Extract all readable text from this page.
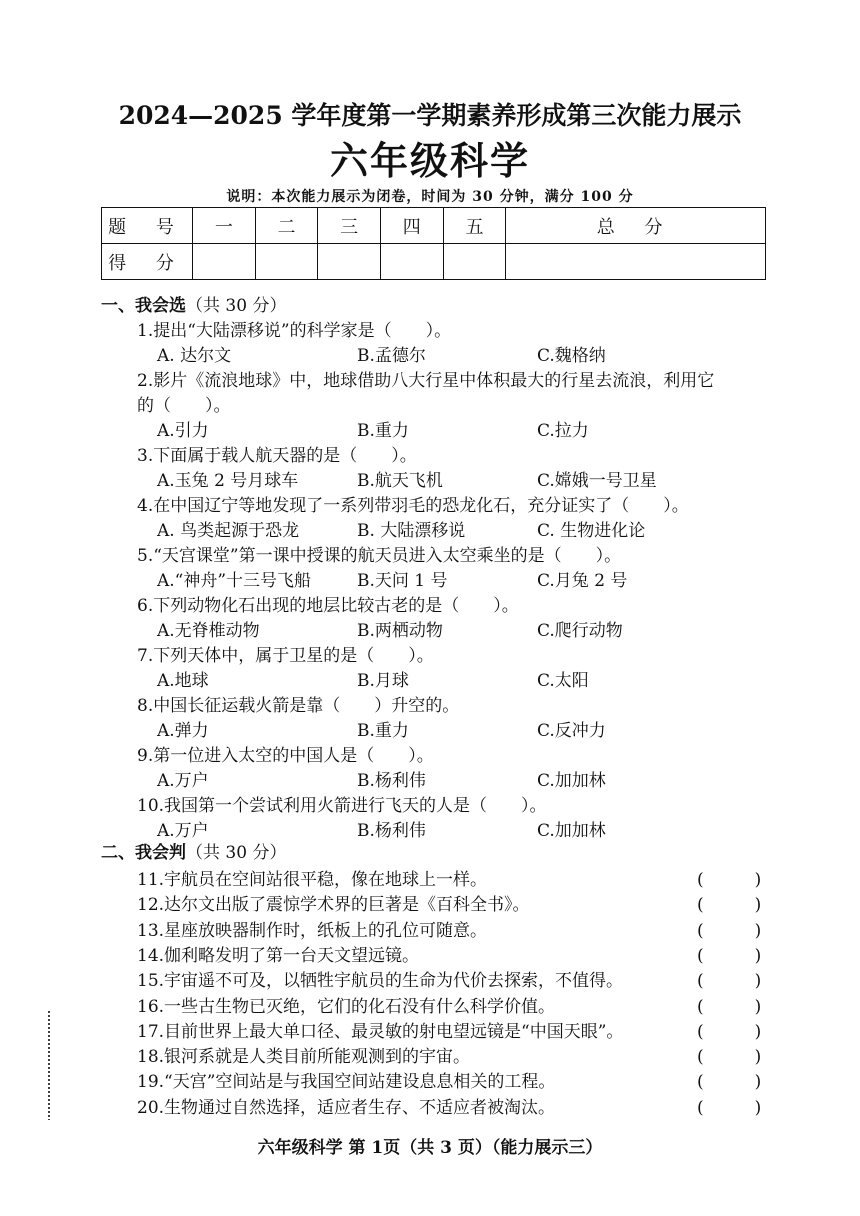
2024—2025 学年度第一学期素养形成第三次能力展示
六年级科学
说明：本次能力展示为闭卷，时间为 30 分钟，满分 100 分
题 号	一	二	三	四	五	总 分
得 分						
一、我会选（共 30 分）
1.提出“大陆漂移说”的科学家是（　　）。
A. 达尔文	B.孟德尔	C.魏格纳
2.影片《流浪地球》中，地球借助八大行星中体积最大的行星去流浪，利用它
的（　　）。
A.引力	B.重力	C.拉力
3.下面属于载人航天器的是（　　）。
A.玉兔 2 号月球车	B.航天飞机	C.嫦娥一号卫星
4.在中国辽宁等地发现了一系列带羽毛的恐龙化石，充分证实了（　　）。
A. 鸟类起源于恐龙	B. 大陆漂移说	C. 生物进化论
5.“天宫课堂”第一课中授课的航天员进入太空乘坐的是（　　）。
A.“神舟”十三号飞船	B.天问 1 号	C.月兔 2 号
6.下列动物化石出现的地层比较古老的是（　　）。
A.无脊椎动物	B.两栖动物	C.爬行动物
7.下列天体中，属于卫星的是（　　）。
A.地球	B.月球	C.太阳
8.中国长征运载火箭是靠（　　）升空的。
A.弹力	B.重力	C.反冲力
9.第一位进入太空的中国人是（　　）。
A.万户	B.杨利伟	C.加加林
10.我国第一个尝试利用火箭进行飞天的人是（　　）。
A.万户	B.杨利伟	C.加加林
二、我会判（共 30 分）
11.宇航员在空间站很平稳，像在地球上一样。	(　　　)
12.达尔文出版了震惊学术界的巨著是《百科全书》。	(　　　)
13.星座放映器制作时，纸板上的孔位可随意。	(　　　)
14.伽利略发明了第一台天文望远镜。	(　　　)
15.宇宙遥不可及，以牺牲宇航员的生命为代价去探索，不值得。	(　　　)
16.一些古生物已灭绝，它们的化石没有什么科学价值。	(　　　)
17.目前世界上最大单口径、最灵敏的射电望远镜是“中国天眼”。	(　　　)
18.银河系就是人类目前所能观测到的宇宙。	(　　　)
19.“天宫”空间站是与我国空间站建设息息相关的工程。	(　　　)
20.生物通过自然选择，适应者生存、不适应者被淘汰。	(　　　)
六年级科学 第 1页（共 3 页）（能力展示三）
